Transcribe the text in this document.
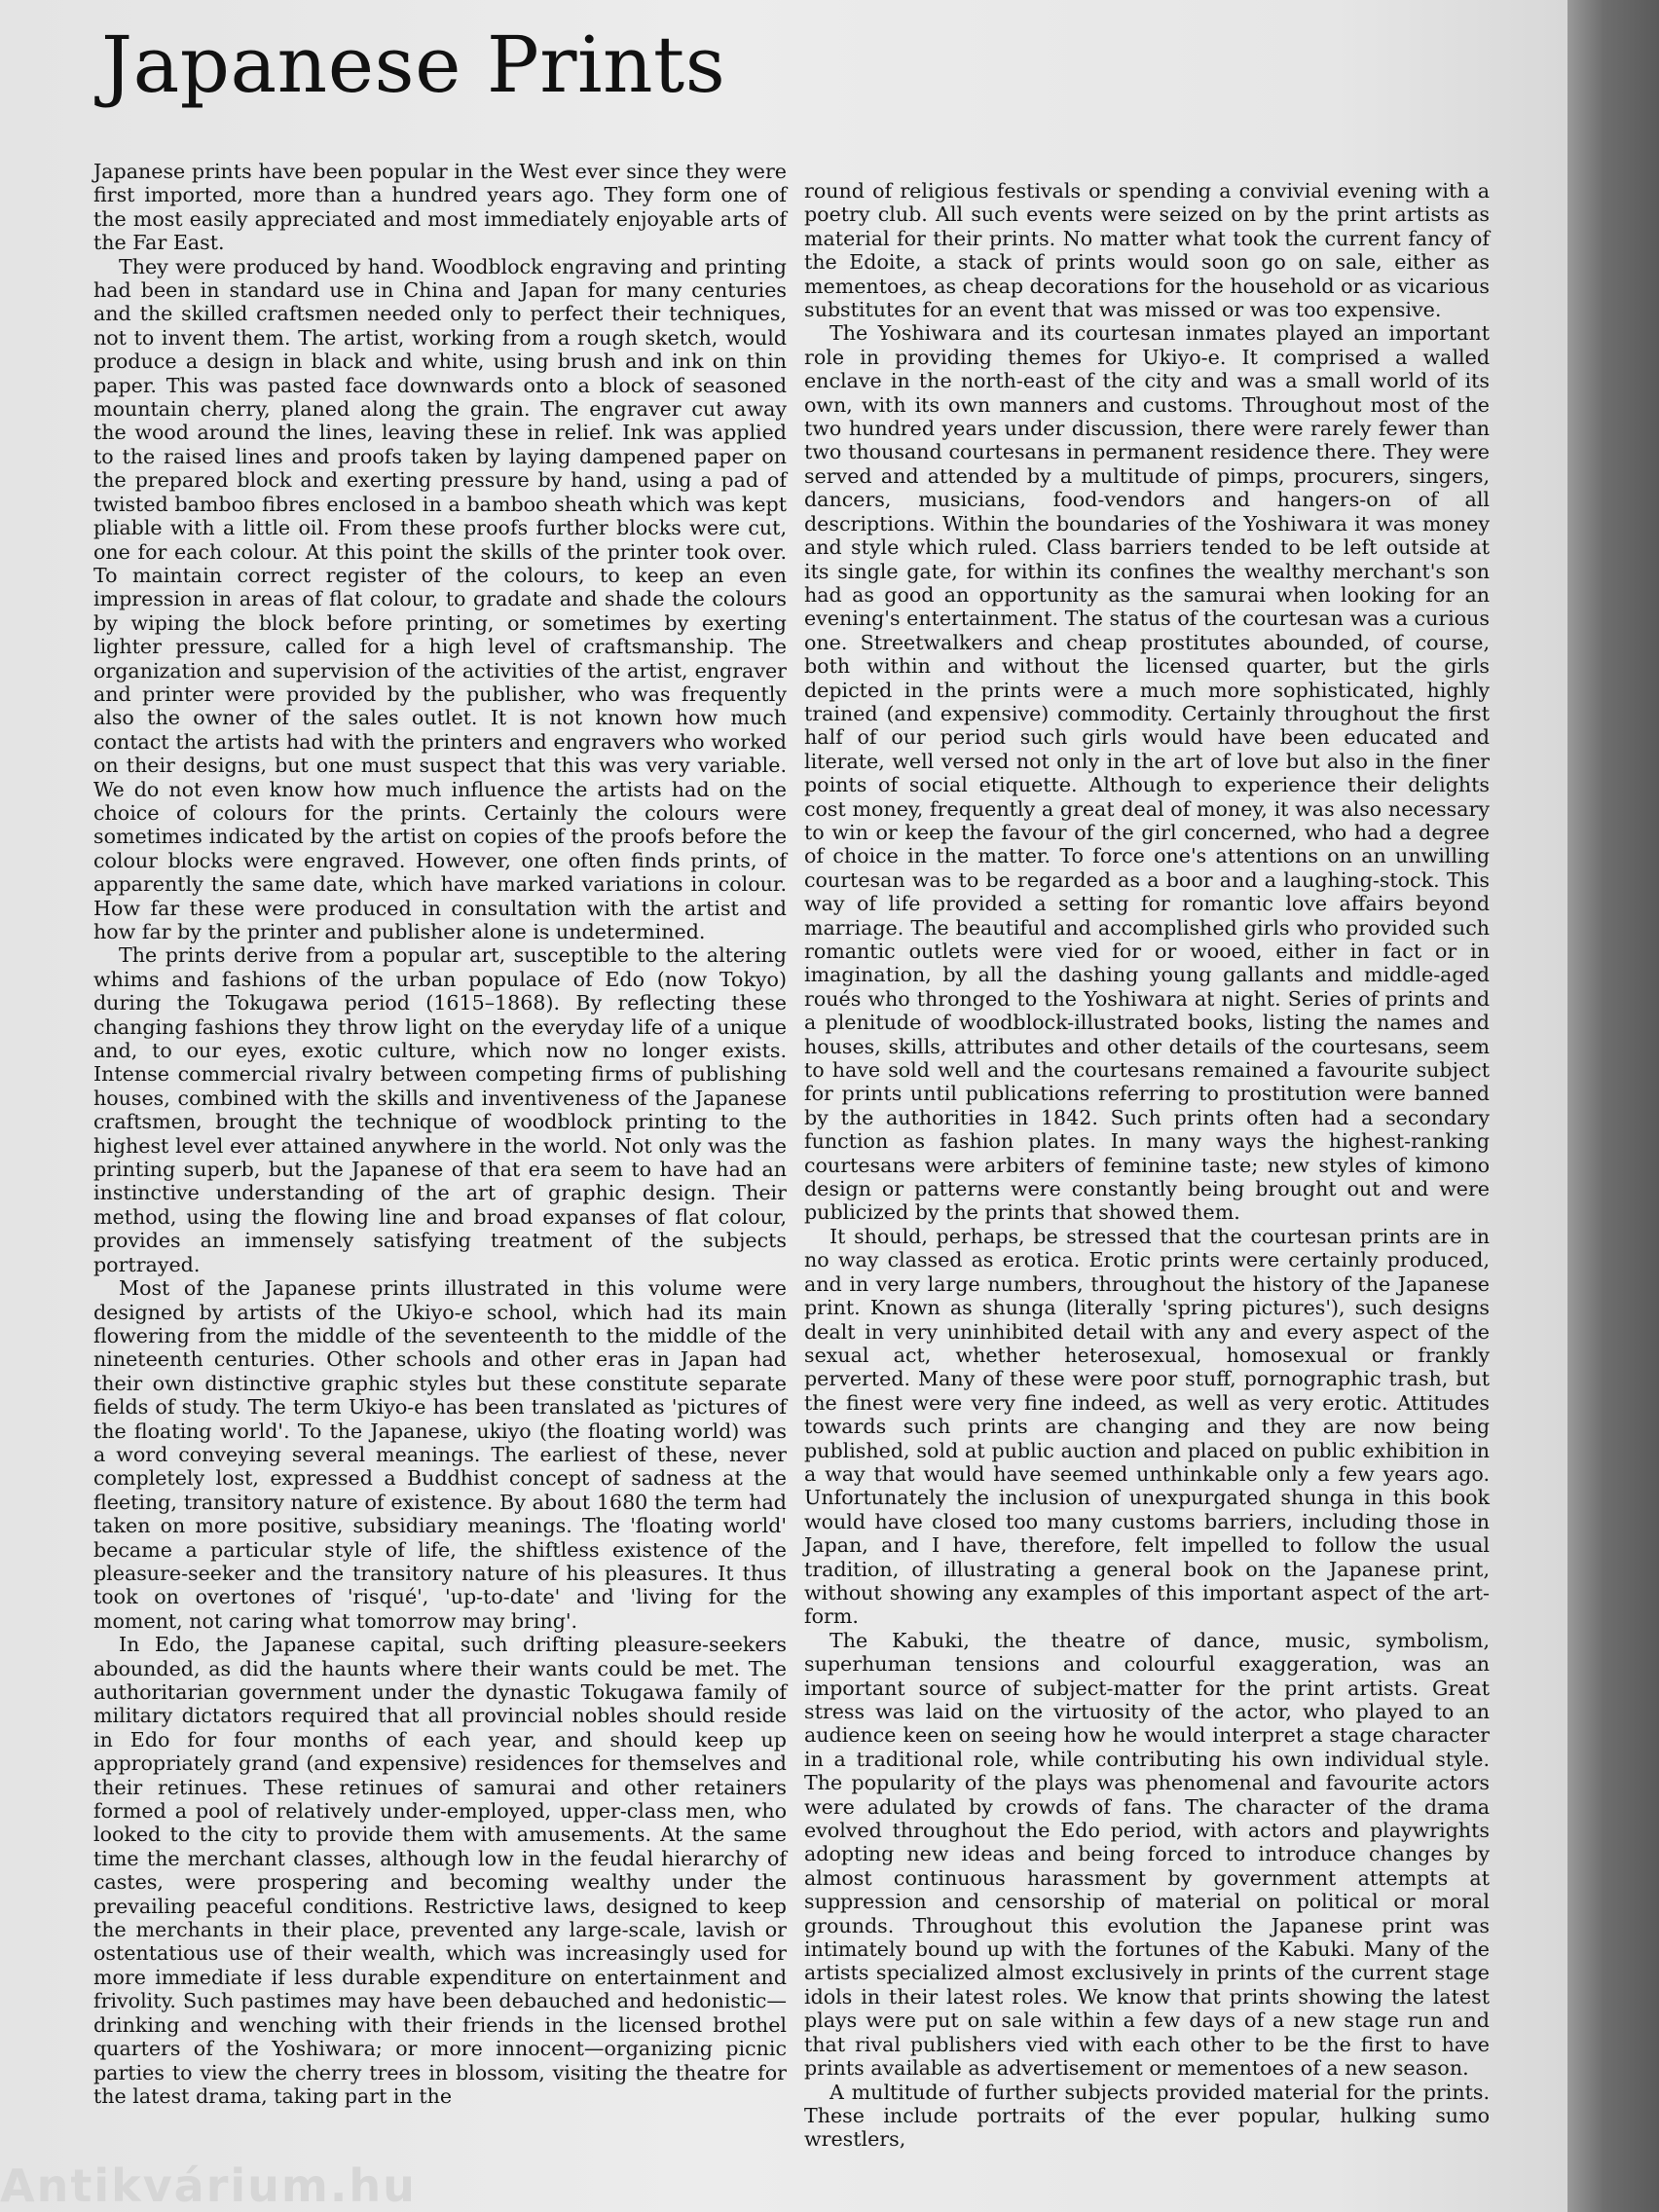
Japanese Prints

Japanese prints have been popular in the West ever since they were first imported, more than a hundred years ago. They form one of the most easily appreciated and most immediately enjoyable arts of the Far East.

They were produced by hand. Woodblock engraving and printing had been in standard use in China and Japan for many centuries and the skilled craftsmen needed only to perfect their techniques, not to invent them. The artist, working from a rough sketch, would produce a design in black and white, using brush and ink on thin paper. This was pasted face downwards onto a block of seasoned mountain cherry, planed along the grain. The engraver cut away the wood around the lines, leaving these in relief. Ink was applied to the raised lines and proofs taken by laying dampened paper on the prepared block and exerting pressure by hand, using a pad of twisted bamboo fibres enclosed in a bamboo sheath which was kept pliable with a little oil. From these proofs further blocks were cut, one for each colour. At this point the skills of the printer took over. To maintain correct register of the colours, to keep an even impression in areas of flat colour, to gradate and shade the colours by wiping the block before printing, or sometimes by exerting lighter pressure, called for a high level of craftsmanship. The organization and supervision of the activities of the artist, engraver and printer were provided by the publisher, who was frequently also the owner of the sales outlet. It is not known how much contact the artists had with the printers and engravers who worked on their designs, but one must suspect that this was very variable. We do not even know how much influence the artists had on the choice of colours for the prints. Certainly the colours were sometimes indicated by the artist on copies of the proofs before the colour blocks were engraved. However, one often finds prints, of apparently the same date, which have marked variations in colour. How far these were produced in consultation with the artist and how far by the printer and publisher alone is undetermined.

The prints derive from a popular art, susceptible to the altering whims and fashions of the urban populace of Edo (now Tokyo) during the Tokugawa period (1615–1868). By reflecting these changing fashions they throw light on the everyday life of a unique and, to our eyes, exotic culture, which now no longer exists. Intense commercial rivalry between competing firms of publishing houses, combined with the skills and inventiveness of the Japanese craftsmen, brought the technique of woodblock printing to the highest level ever attained anywhere in the world. Not only was the printing superb, but the Japanese of that era seem to have had an instinctive understanding of the art of graphic design. Their method, using the flowing line and broad expanses of flat colour, provides an immensely satisfying treatment of the subjects portrayed.

Most of the Japanese prints illustrated in this volume were designed by artists of the Ukiyo-e school, which had its main flowering from the middle of the seventeenth to the middle of the nineteenth centuries. Other schools and other eras in Japan had their own distinctive graphic styles but these constitute separate fields of study. The term Ukiyo-e has been translated as 'pictures of the floating world'. To the Japanese, ukiyo (the floating world) was a word conveying several meanings. The earliest of these, never completely lost, expressed a Buddhist concept of sadness at the fleeting, transitory nature of existence. By about 1680 the term had taken on more positive, subsidiary meanings. The 'floating world' became a particular style of life, the shiftless existence of the pleasure-seeker and the transitory nature of his pleasures. It thus took on overtones of 'risqué', 'up-to-date' and 'living for the moment, not caring what tomorrow may bring'.

In Edo, the Japanese capital, such drifting pleasure-seekers abounded, as did the haunts where their wants could be met. The authoritarian government under the dynastic Tokugawa family of military dictators required that all provincial nobles should reside in Edo for four months of each year, and should keep up appropriately grand (and expensive) residences for themselves and their retinues. These retinues of samurai and other retainers formed a pool of relatively under-employed, upper-class men, who looked to the city to provide them with amusements. At the same time the merchant classes, although low in the feudal hierarchy of castes, were prospering and becoming wealthy under the prevailing peaceful conditions. Restrictive laws, designed to keep the merchants in their place, prevented any large-scale, lavish or ostentatious use of their wealth, which was increasingly used for more immediate if less durable expenditure on entertainment and frivolity. Such pastimes may have been debauched and hedonistic—drinking and wenching with their friends in the licensed brothel quarters of the Yoshiwara; or more innocent—organizing picnic parties to view the cherry trees in blossom, visiting the theatre for the latest drama, taking part in the

round of religious festivals or spending a convivial evening with a poetry club. All such events were seized on by the print artists as material for their prints. No matter what took the current fancy of the Edoite, a stack of prints would soon go on sale, either as mementoes, as cheap decorations for the household or as vicarious substitutes for an event that was missed or was too expensive.

The Yoshiwara and its courtesan inmates played an important role in providing themes for Ukiyo-e. It comprised a walled enclave in the north-east of the city and was a small world of its own, with its own manners and customs. Throughout most of the two hundred years under discussion, there were rarely fewer than two thousand courtesans in permanent residence there. They were served and attended by a multitude of pimps, procurers, singers, dancers, musicians, food-vendors and hangers-on of all descriptions. Within the boundaries of the Yoshiwara it was money and style which ruled. Class barriers tended to be left outside at its single gate, for within its confines the wealthy merchant's son had as good an opportunity as the samurai when looking for an evening's entertainment. The status of the courtesan was a curious one. Streetwalkers and cheap prostitutes abounded, of course, both within and without the licensed quarter, but the girls depicted in the prints were a much more sophisticated, highly trained (and expensive) commodity. Certainly throughout the first half of our period such girls would have been educated and literate, well versed not only in the art of love but also in the finer points of social etiquette. Although to experience their delights cost money, frequently a great deal of money, it was also necessary to win or keep the favour of the girl concerned, who had a degree of choice in the matter. To force one's attentions on an unwilling courtesan was to be regarded as a boor and a laughing-stock. This way of life provided a setting for romantic love affairs beyond marriage. The beautiful and accomplished girls who provided such romantic outlets were vied for or wooed, either in fact or in imagination, by all the dashing young gallants and middle-aged roués who thronged to the Yoshiwara at night. Series of prints and a plenitude of woodblock-illustrated books, listing the names and houses, skills, attributes and other details of the courtesans, seem to have sold well and the courtesans remained a favourite subject for prints until publications referring to prostitution were banned by the authorities in 1842. Such prints often had a secondary function as fashion plates. In many ways the highest-ranking courtesans were arbiters of feminine taste; new styles of kimono design or patterns were constantly being brought out and were publicized by the prints that showed them.

It should, perhaps, be stressed that the courtesan prints are in no way classed as erotica. Erotic prints were certainly produced, and in very large numbers, throughout the history of the Japanese print. Known as shunga (literally 'spring pictures'), such designs dealt in very uninhibited detail with any and every aspect of the sexual act, whether heterosexual, homosexual or frankly perverted. Many of these were poor stuff, pornographic trash, but the finest were very fine indeed, as well as very erotic. Attitudes towards such prints are changing and they are now being published, sold at public auction and placed on public exhibition in a way that would have seemed unthinkable only a few years ago. Unfortunately the inclusion of unexpurgated shunga in this book would have closed too many customs barriers, including those in Japan, and I have, therefore, felt impelled to follow the usual tradition, of illustrating a general book on the Japanese print, without showing any examples of this important aspect of the art-form.

The Kabuki, the theatre of dance, music, symbolism, superhuman tensions and colourful exaggeration, was an important source of subject-matter for the print artists. Great stress was laid on the virtuosity of the actor, who played to an audience keen on seeing how he would interpret a stage character in a traditional role, while contributing his own individual style. The popularity of the plays was phenomenal and favourite actors were adulated by crowds of fans. The character of the drama evolved throughout the Edo period, with actors and playwrights adopting new ideas and being forced to introduce changes by almost continuous harassment by government attempts at suppression and censorship of material on political or moral grounds. Throughout this evolution the Japanese print was intimately bound up with the fortunes of the Kabuki. Many of the artists specialized almost exclusively in prints of the current stage idols in their latest roles. We know that prints showing the latest plays were put on sale within a few days of a new stage run and that rival publishers vied with each other to be the first to have prints available as advertisement or mementoes of a new season.

A multitude of further subjects provided material for the prints. These include portraits of the ever popular, hulking sumo wrestlers,

Antikvárium.hu
